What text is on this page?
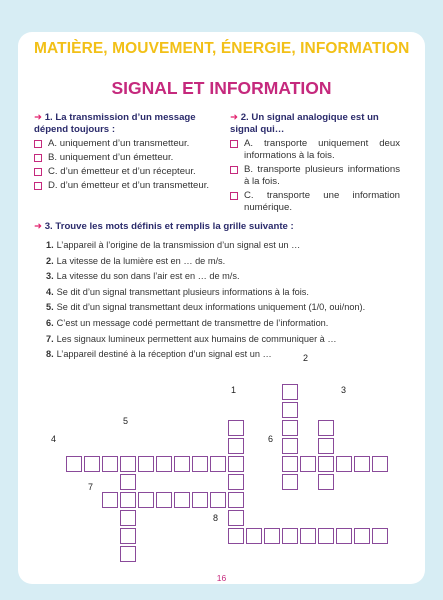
MATIÈRE, MOUVEMENT, ÉNERGIE, INFORMATION
SIGNAL ET INFORMATION
➜ 1. La transmission d’un message dépend toujours :
A. uniquement d’un transmetteur.
B. uniquement d’un émetteur.
C. d’un émetteur et d’un récepteur.
D. d’un émetteur et d’un transmetteur.
➜ 2. Un signal analogique est un signal qui…
A. transporte uniquement deux informations à la fois.
B. transporte plusieurs informations à la fois.
C. transporte une information numérique.
➜ 3. Trouve les mots définis et remplis la grille suivante :
1. L’appareil à l’origine de la transmission d’un signal est un …
2. La vitesse de la lumière est en … de m/s.
3. La vitesse du son dans l’air est en … de m/s.
4. Se dit d’un signal transmettant plusieurs informations à la fois.
5. Se dit d’un signal transmettant deux informations uniquement (1/0, oui/non).
6. C’est un message codé permettant de transmettre de l’information.
7. Les signaux lumineux permettent aux humains de communiquer à …
8. L’appareil destiné à la réception d’un signal est un …
1
2
3
4
5
6
7
8
16
